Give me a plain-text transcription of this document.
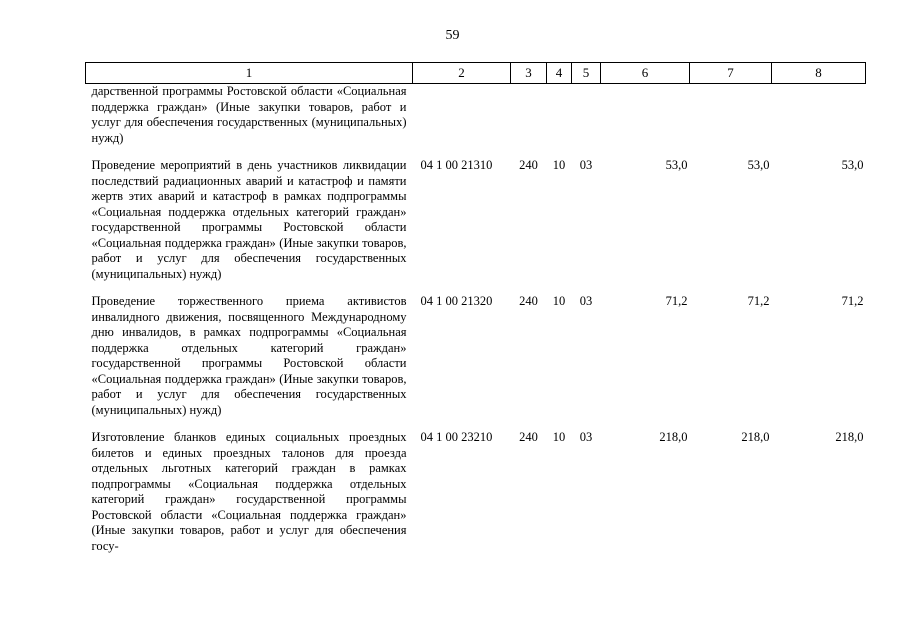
59
1	2	3	4	5	6	7	8
дарственной программы Ростовской области «Социальная поддержка граждан» (Иные закупки товаров, работ и услуг для обеспечения государственных (муниципальных) нужд)							
Проведение мероприятий в день участников ликвидации последствий радиационных аварий и катастроф и памяти жертв этих аварий и катастроф в рамках подпрограммы «Социальная поддержка отдельных категорий граждан» государственной программы Ростовской области «Социальная поддержка граждан» (Иные закупки товаров, работ и услуг для обеспечения государственных (муниципальных) нужд)	04 1 00 21310	240	10	03	53,0	53,0	53,0
Проведение торжественного приема активистов инвалидного движения, посвященного Международному дню инвалидов, в рамках подпрограммы «Социальная поддержка отдельных категорий граждан» государственной программы Ростовской области «Социальная поддержка граждан» (Иные закупки товаров, работ и услуг для обеспечения государственных (муниципальных) нужд)	04 1 00 21320	240	10	03	71,2	71,2	71,2
Изготовление бланков единых социальных проездных билетов и единых проездных талонов для проезда отдельных льготных категорий граждан в рамках подпрограммы «Социальная поддержка отдельных категорий граждан» государственной программы Ростовской области «Социальная поддержка граждан» (Иные закупки товаров, работ и услуг для обеспечения госу-	04 1 00 23210	240	10	03	218,0	218,0	218,0
